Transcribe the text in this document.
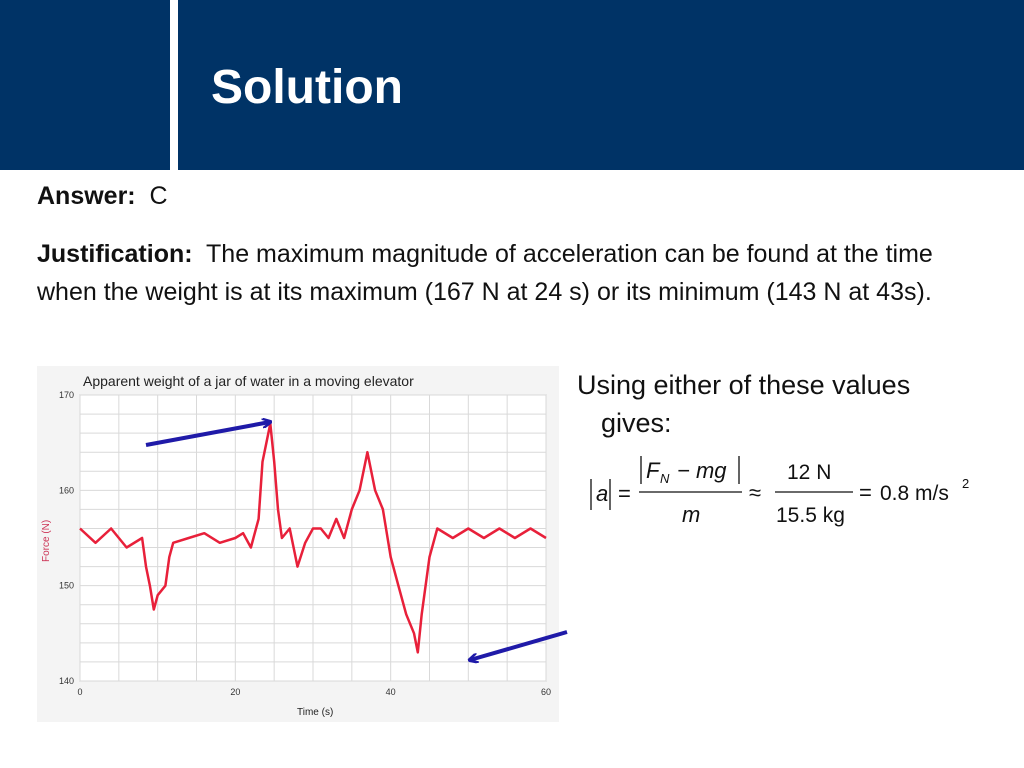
Solution
Answer: C
Justification: The maximum magnitude of acceleration can be found at the time when the weight is at its maximum (167 N at 24 s) or its minimum (143 N at 43s).
Using either of these values
gives:
a =
F N − mg
m
≈
12 N
15.5 kg
= 0.8 m/s 2
Apparent weight of a jar of water in a moving elevator
Time (s)
Force (N)
0	20	40	60
140
150
160
170
